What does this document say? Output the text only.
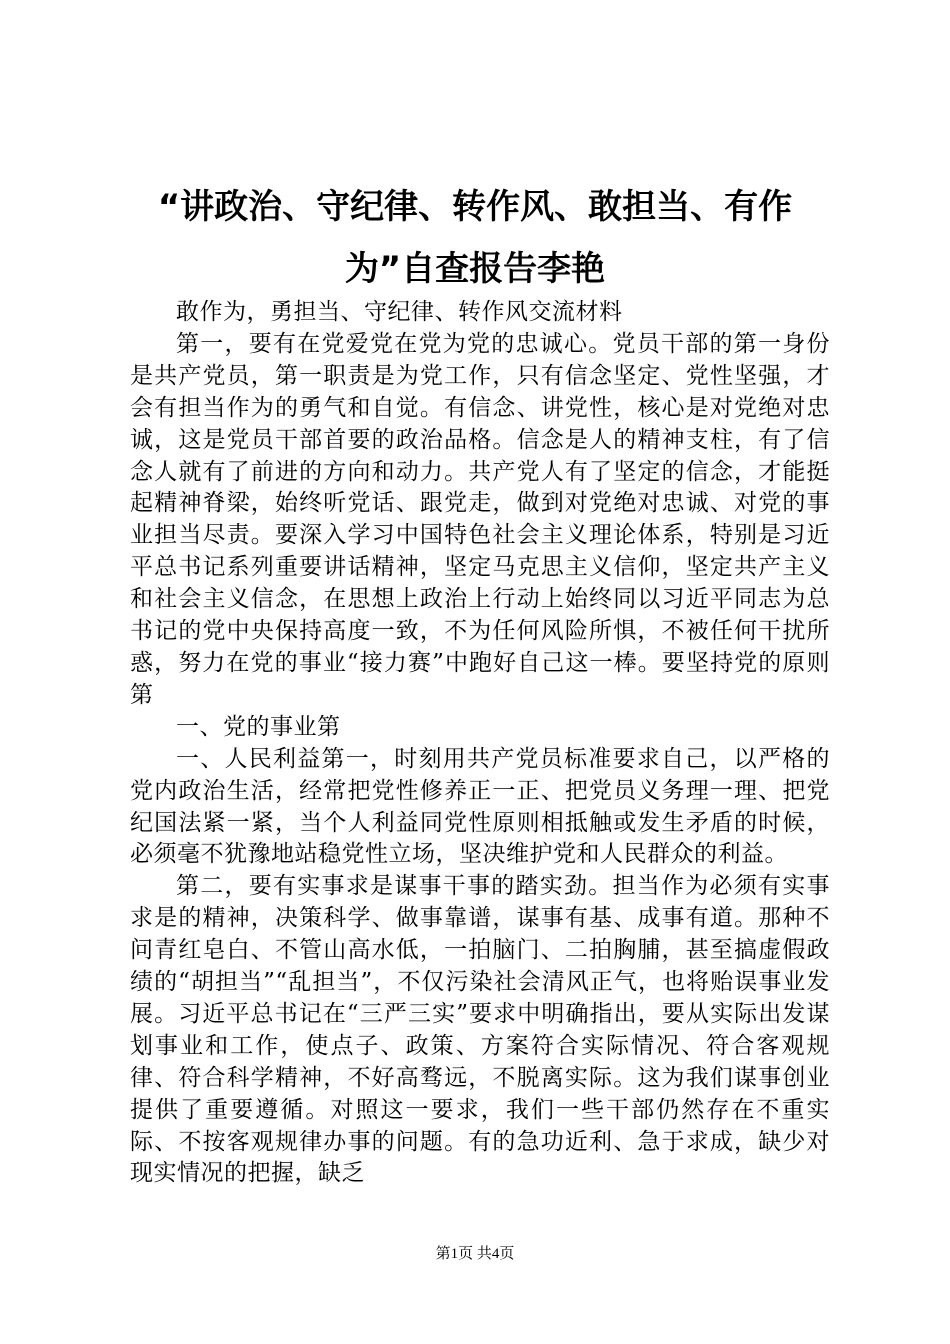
“讲政治、守纪律、转作风、敢担当、有作
为”自查报告李艳

敢作为，勇担当、守纪律、转作风交流材料

第一，要有在党爱党在党为党的忠诚心。党员干部的第一身份是共产党员，第一职责是为党工作，只有信念坚定、党性坚强，才会有担当作为的勇气和自觉。有信念、讲党性，核心是对党绝对忠诚，这是党员干部首要的政治品格。信念是人的精神支柱，有了信念人就有了前进的方向和动力。共产党人有了坚定的信念，才能挺起精神脊梁，始终听党话、跟党走，做到对党绝对忠诚、对党的事业担当尽责。要深入学习中国特色社会主义理论体系，特别是习近平总书记系列重要讲话精神，坚定马克思主义信仰，坚定共产主义和社会主义信念，在思想上政治上行动上始终同以习近平同志为总书记的党中央保持高度一致，不为任何风险所惧，不被任何干扰所惑，努力在党的事业“接力赛”中跑好自己这一棒。要坚持党的原则第

一、党的事业第

一、人民利益第一，时刻用共产党员标准要求自己，以严格的党内政治生活，经常把党性修养正一正、把党员义务理一理、把党纪国法紧一紧，当个人利益同党性原则相抵触或发生矛盾的时候，必须毫不犹豫地站稳党性立场，坚决维护党和人民群众的利益。

第二，要有实事求是谋事干事的踏实劲。担当作为必须有实事求是的精神，决策科学、做事靠谱，谋事有基、成事有道。那种不问青红皂白、不管山高水低，一拍脑门、二拍胸脯，甚至搞虚假政绩的“胡担当”“乱担当”，不仅污染社会清风正气，也将贻误事业发展。习近平总书记在“三严三实”要求中明确指出，要从实际出发谋划事业和工作，使点子、政策、方案符合实际情况、符合客观规律、符合科学精神，不好高骛远，不脱离实际。这为我们谋事创业提供了重要遵循。对照这一要求，我们一些干部仍然存在不重实际、不按客观规律办事的问题。有的急功近利、急于求成，缺少对现实情况的把握，缺乏

第1页 共4页
